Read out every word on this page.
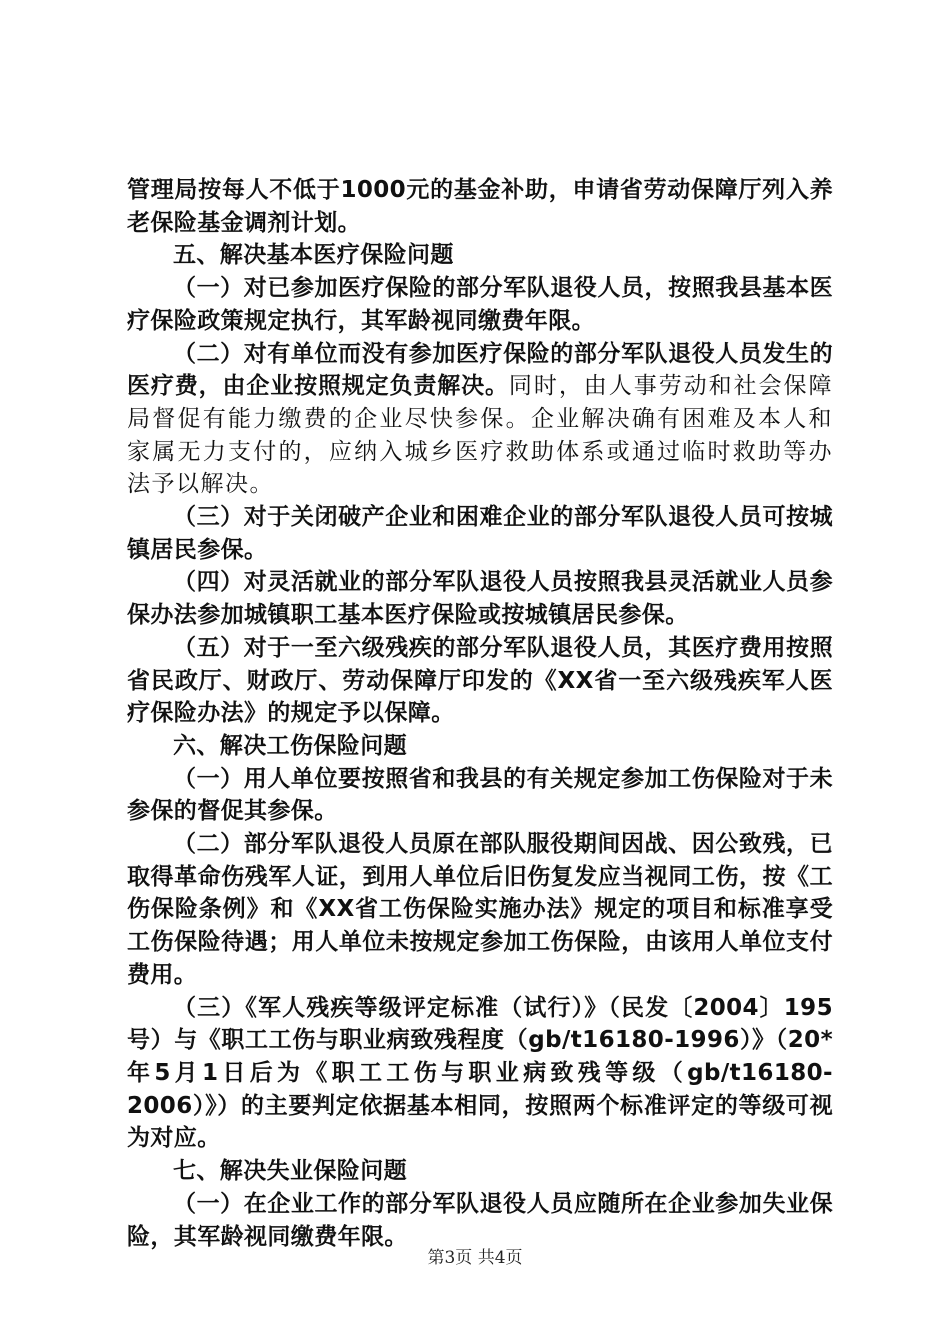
管理局按每人不低于1000元的基金补助，申请省劳动保障厅列入养老保险基金调剂计划。

五、解决基本医疗保险问题

（一）对已参加医疗保险的部分军队退役人员，按照我县基本医疗保险政策规定执行，其军龄视同缴费年限。

（二）对有单位而没有参加医疗保险的部分军队退役人员发生的医疗费，由企业按照规定负责解决。同时，由人事劳动和社会保障局督促有能力缴费的企业尽快参保。企业解决确有困难及本人和家属无力支付的，应纳入城乡医疗救助体系或通过临时救助等办法予以解决。

（三）对于关闭破产企业和困难企业的部分军队退役人员可按城镇居民参保。

（四）对灵活就业的部分军队退役人员按照我县灵活就业人员参保办法参加城镇职工基本医疗保险或按城镇居民参保。

（五）对于一至六级残疾的部分军队退役人员，其医疗费用按照省民政厅、财政厅、劳动保障厅印发的《XX省一至六级残疾军人医疗保险办法》的规定予以保障。

六、解决工伤保险问题

（一）用人单位要按照省和我县的有关规定参加工伤保险对于未参保的督促其参保。

（二）部分军队退役人员原在部队服役期间因战、因公致残，已取得革命伤残军人证，到用人单位后旧伤复发应当视同工伤，按《工伤保险条例》和《XX省工伤保险实施办法》规定的项目和标准享受工伤保险待遇；用人单位未按规定参加工伤保险，由该用人单位支付费用。

（三）《军人残疾等级评定标准（试行）》（民发〔2004〕195号）与《职工工伤与职业病致残程度（gb/t16180-1996）》（20*年5月1日后为《职工工伤与职业病致残等级（gb/t16180-2006）》）的主要判定依据基本相同，按照两个标准评定的等级可视为对应。

七、解决失业保险问题

（一）在企业工作的部分军队退役人员应随所在企业参加失业保险，其军龄视同缴费年限。

第3页 共4页
